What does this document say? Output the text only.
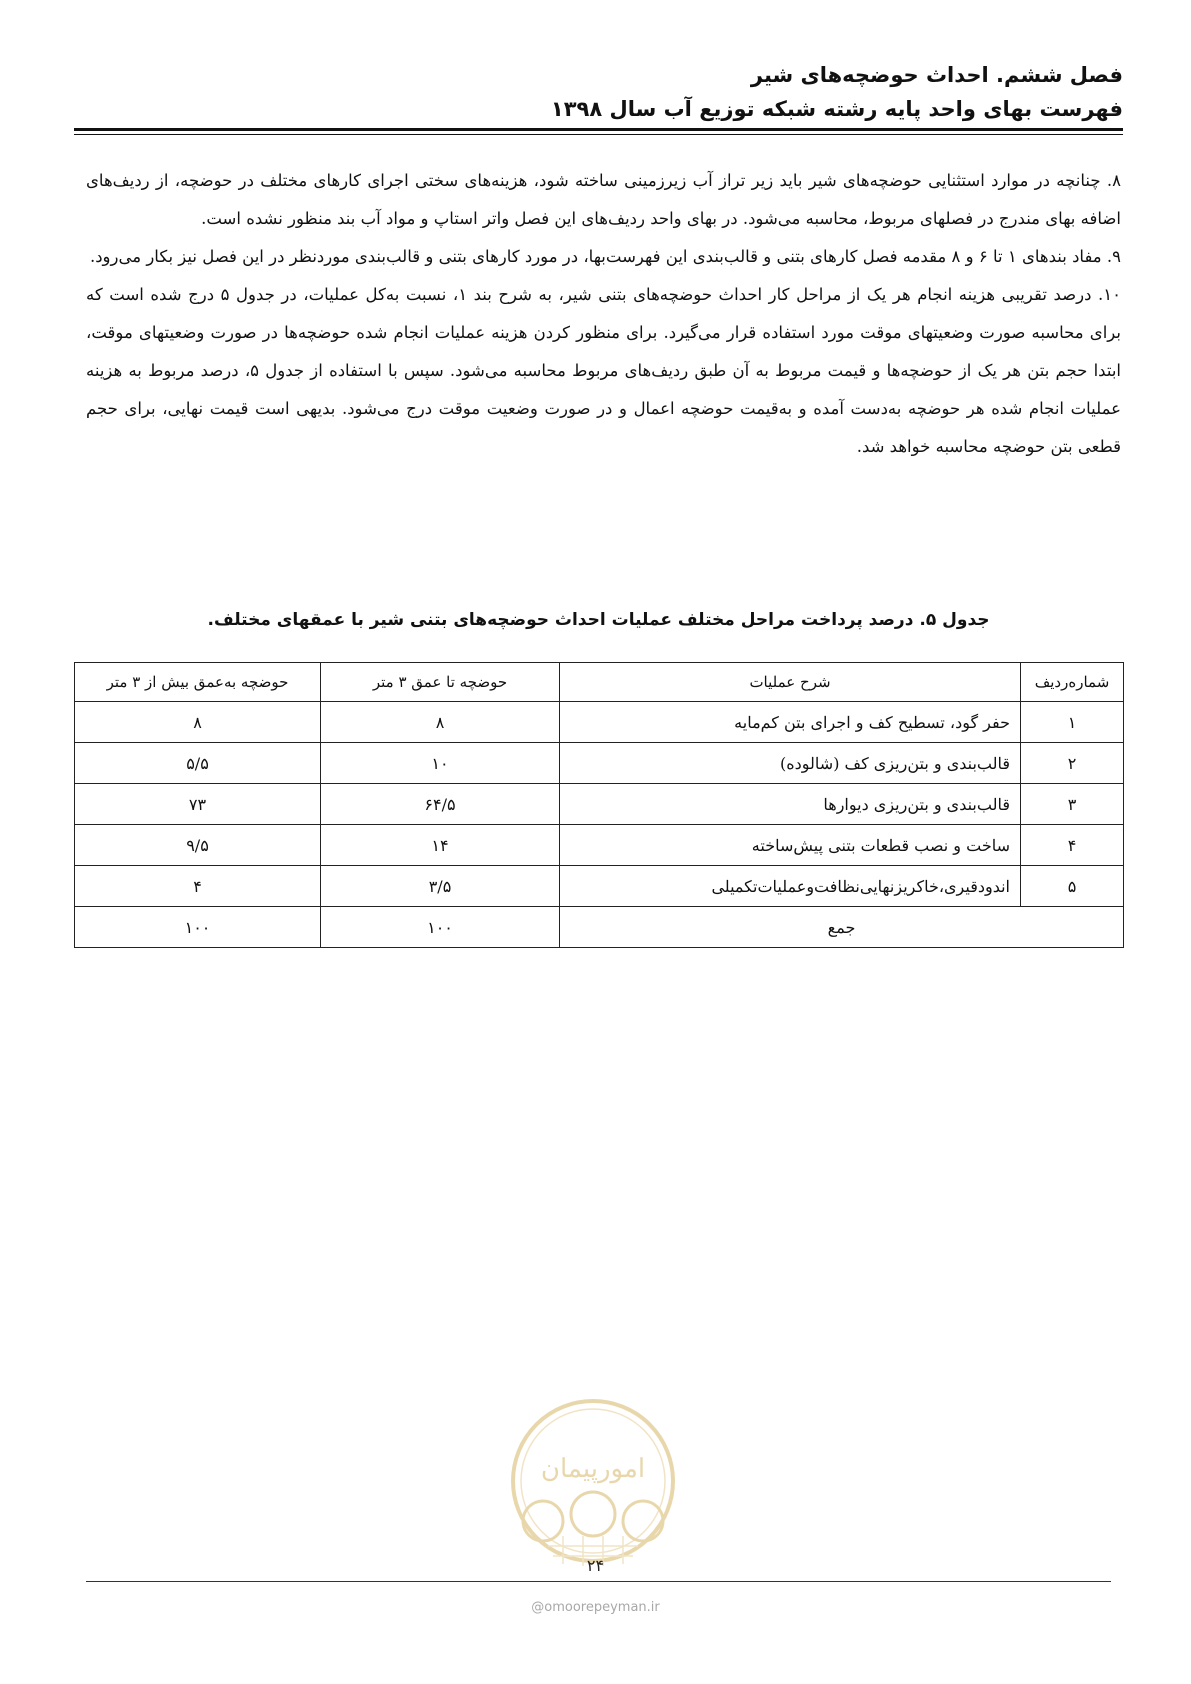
فصل ششم. احداث حوضچه‌های شیر
فهرست بهای واحد پایه رشته شبکه توزیع آب سال ۱۳۹۸

۸. چنانچه در موارد استثنایی حوضچه‌های شیر باید زیر تراز آب زیرزمینی ساخته شود، هزینه‌های سختی اجرای کارهای مختلف در حوضچه، از ردیف‌های اضافه بهای مندرج در فصلهای مربوط، محاسبه می‌شود. در بهای واحد ردیف‌های این فصل واتر استاپ و مواد آب بند منظور نشده است.

۹. مفاد بندهای ۱ تا ۶ و ۸ مقدمه فصل کارهای بتنی و قالب‌بندی این فهرست‌بها، در مورد کارهای بتنی و قالب‌بندی موردنظر در این فصل نیز بکار می‌رود.

۱۰. درصد تقریبی هزینه انجام هر یک از مراحل کار احداث حوضچه‌های بتنی شیر، به شرح بند ۱، نسبت به‌کل عملیات، در جدول ۵ درج شده است که برای محاسبه صورت وضعیتهای موقت مورد استفاده قرار می‌گیرد. برای منظور کردن هزینه عملیات انجام شده حوضچه‌ها در صورت وضعیتهای موقت، ابتدا حجم بتن هر یک از حوضچه‌ها و قیمت مربوط به آن طبق ردیف‌های مربوط محاسبه می‌شود. سپس با استفاده از جدول ۵، درصد مربوط به هزینه عملیات انجام شده هر حوضچه به‌دست آمده و به‌قیمت حوضچه اعمال و در صورت وضعیت موقت درج می‌شود. بدیهی است قیمت نهایی، برای حجم قطعی بتن حوضچه محاسبه خواهد شد.

جدول ۵. درصد پرداخت مراحل مختلف عملیات احداث حوضچه‌های بتنی شیر با عمقهای مختلف.
شماره‌ردیف	شرح عملیات	حوضچه تا عمق ۳ متر	حوضچه به‌عمق بیش از ۳ متر
۱	حفر گود، تسطیح کف و اجرای بتن کم‌مایه	۸	۸
۲	قالب‌بندی و بتن‌ریزی کف (شالوده)	۱۰	۵/۵
۳	قالب‌بندی و بتن‌ریزی دیوارها	۶۴/۵	۷۳
۴	ساخت و نصب قطعات بتنی پیش‌ساخته	۱۴	۹/۵
۵	اندودقیری،خاکریزنهایی‌نظافت‌وعملیات‌تکمیلی	۳/۵	۴
جمع		۱۰۰	۱۰۰
امورپیمان
۲۴
@omoorepeyman.ir
